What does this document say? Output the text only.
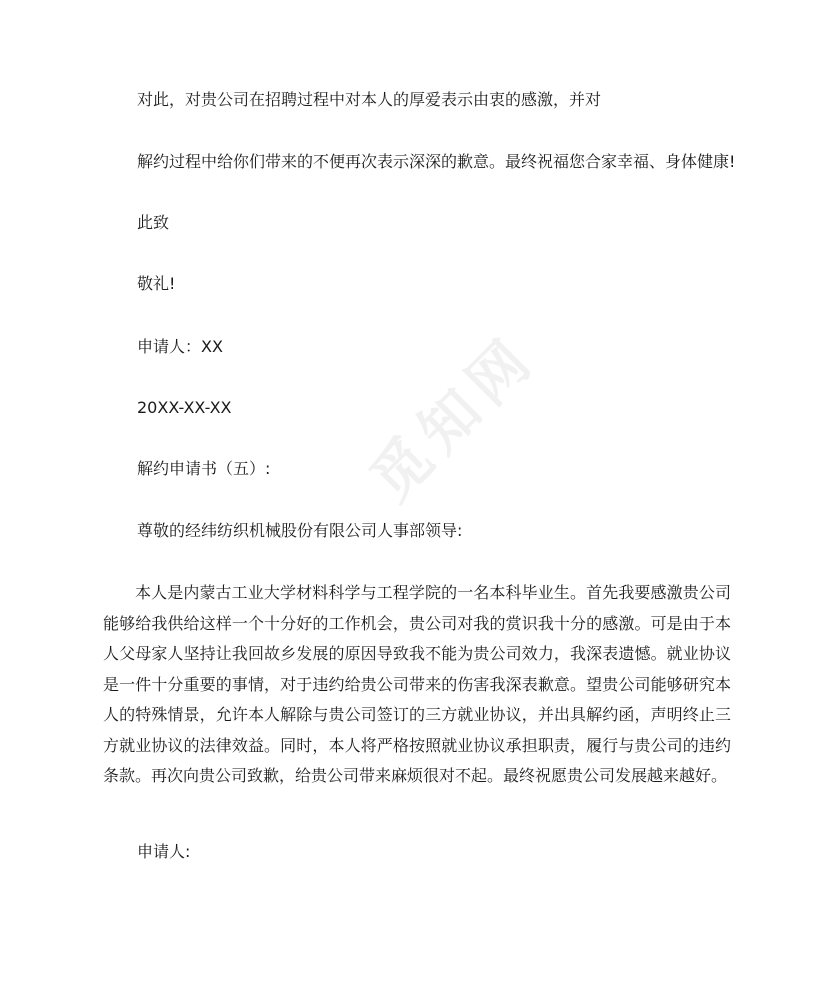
觅知网
对此，对贵公司在招聘过程中对本人的厚爱表示由衷的感激，并对
解约过程中给你们带来的不便再次表示深深的歉意。最终祝福您合家幸福、身体健康!
此致
敬礼!
申请人：XX
20XX-XX-XX
解约申请书（五）:
尊敬的经纬纺织机械股份有限公司人事部领导:
本人是内蒙古工业大学材料科学与工程学院的一名本科毕业生。首先我要感激贵公司能够给我供给这样一个十分好的工作机会，贵公司对我的赏识我十分的感激。可是由于本人父母家人坚持让我回故乡发展的原因导致我不能为贵公司效力，我深表遗憾。就业协议是一件十分重要的事情，对于违约给贵公司带来的伤害我深表歉意。望贵公司能够研究本人的特殊情景，允许本人解除与贵公司签订的三方就业协议，并出具解约函，声明终止三方就业协议的法律效益。同时，本人将严格按照就业协议承担职责，履行与贵公司的违约条款。再次向贵公司致歉，给贵公司带来麻烦很对不起。最终祝愿贵公司发展越来越好。
申请人:
